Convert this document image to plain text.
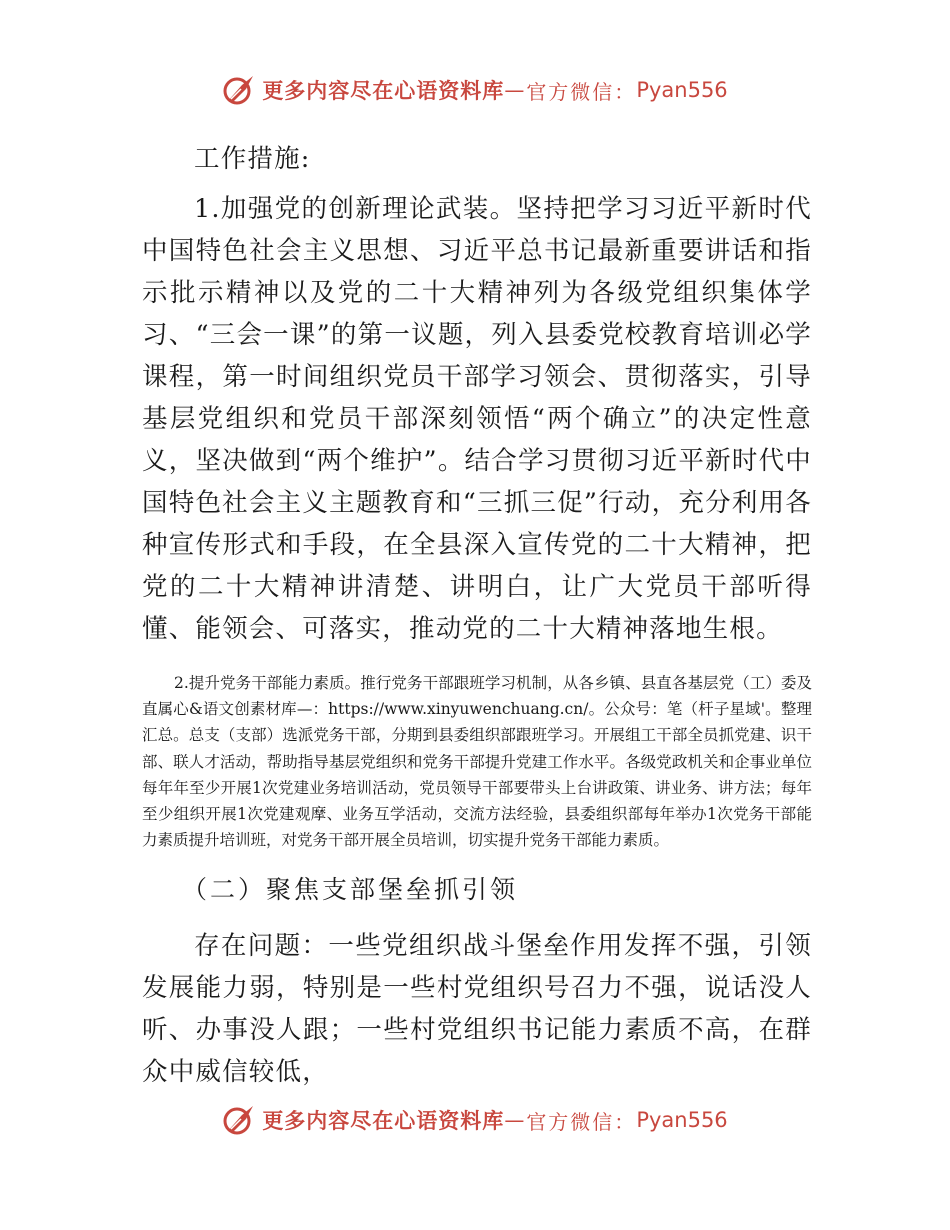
更多内容尽在心语资料库 — 官方微信： Pyan556

工作措施:

1.加强党的创新理论武装。坚持把学习习近平新时代中国特色社会主义思想、习近平总书记最新重要讲话和指示批示精神以及党的二十大精神列为各级党组织集体学习、“三会一课”的第一议题，列入县委党校教育培训必学课程，第一时间组织党员干部学习领会、贯彻落实，引导基层党组织和党员干部深刻领悟“两个确立”的决定性意义，坚决做到“两个维护”。结合学习贯彻习近平新时代中国特色社会主义主题教育和“三抓三促”行动，充分利用各种宣传形式和手段，在全县深入宣传党的二十大精神，把党的二十大精神讲清楚、讲明白，让广大党员干部听得懂、能领会、可落实，推动党的二十大精神落地生根。

2.提升党务干部能力素质。推行党务干部跟班学习机制，从各乡镇、县直各基层党（工）委及直属心&语文创素材库—：https://www.xinyuwenchuang.cn/。公众号：笔（杆子星域'。整理汇总。总支（支部）选派党务干部，分期到县委组织部跟班学习。开展组工干部全员抓党建、识干部、联人才活动，帮助指导基层党组织和党务干部提升党建工作水平。各级党政机关和企事业单位每年年至少开展1次党建业务培训活动，党员领导干部要带头上台讲政策、讲业务、讲方法；每年至少组织开展1次党建观摩、业务互学活动，交流方法经验，县委组织部每年举办1次党务干部能力素质提升培训班，对党务干部开展全员培训，切实提升党务干部能力素质。

（二）聚焦支部堡垒抓引领

存在问题：一些党组织战斗堡垒作用发挥不强，引领发展能力弱，特别是一些村党组织号召力不强，说话没人听、办事没人跟；一些村党组织书记能力素质不高，在群众中威信较低，

更多内容尽在心语资料库 — 官方微信： Pyan556
